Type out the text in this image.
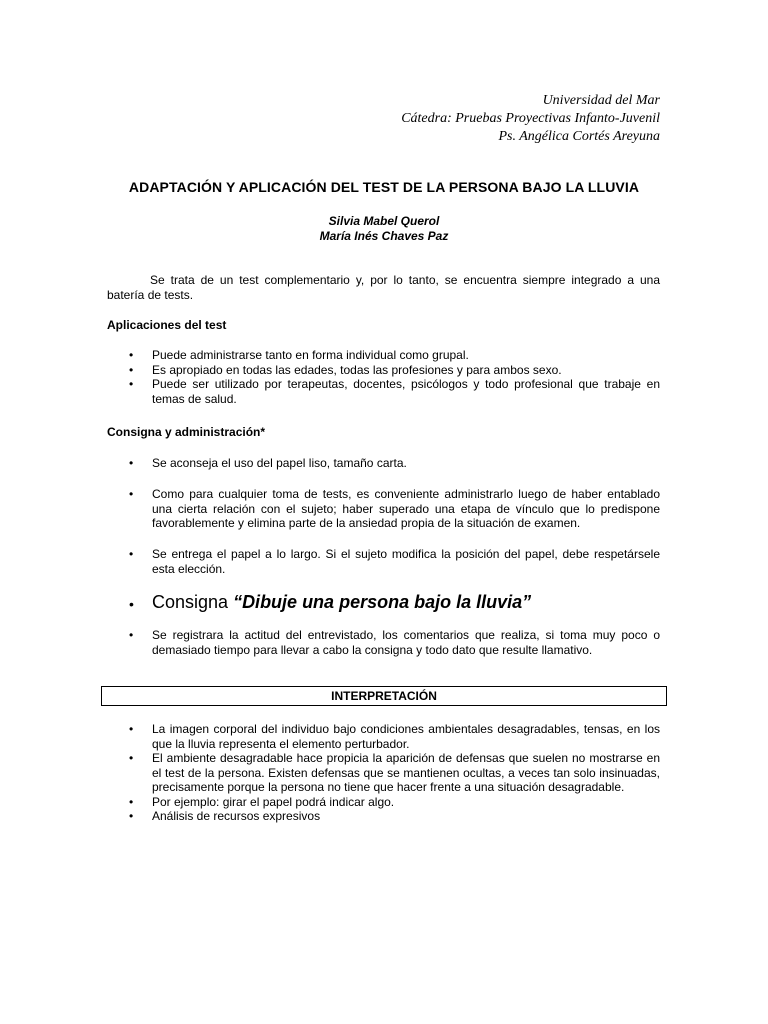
Universidad del Mar
Cátedra: Pruebas Proyectivas Infanto-Juvenil
Ps. Angélica Cortés Areyuna
ADAPTACIÓN Y APLICACIÓN DEL TEST DE LA PERSONA BAJO LA LLUVIA
Silvia Mabel Querol
María Inés Chaves Paz
Se trata de un test complementario y, por lo tanto, se encuentra siempre integrado a una batería de tests.
Aplicaciones del test
• Puede administrarse tanto en forma individual como grupal.
• Es apropiado en todas las edades, todas las profesiones y para ambos sexo.
• Puede ser utilizado por terapeutas, docentes, psicólogos y todo profesional que trabaje en temas de salud.
Consigna y administración*
• Se aconseja el uso del papel liso, tamaño carta.
• Como para cualquier toma de tests, es conveniente administrarlo luego de haber entablado una cierta relación con el sujeto; haber superado una etapa de vínculo que lo predispone favorablemente y elimina parte de la ansiedad propia de la situación de examen.
• Se entrega el papel a lo largo. Si el sujeto modifica la posición del papel, debe respetársele esta elección.
• Consigna “Dibuje una persona bajo la lluvia”
• Se registrara la actitud del entrevistado, los comentarios que realiza, si toma muy poco o demasiado tiempo para llevar a cabo la consigna y todo dato que resulte llamativo.
INTERPRETACIÓN
• La imagen corporal del individuo bajo condiciones ambientales desagradables, tensas, en los que la lluvia representa el elemento perturbador.
• El ambiente desagradable hace propicia la aparición de defensas que suelen no mostrarse en el test de la persona. Existen defensas que se mantienen ocultas, a veces tan solo insinuadas, precisamente porque la persona no tiene que hacer frente a una situación desagradable.
• Por ejemplo: girar el papel podrá indicar algo.
• Análisis de recursos expresivos
